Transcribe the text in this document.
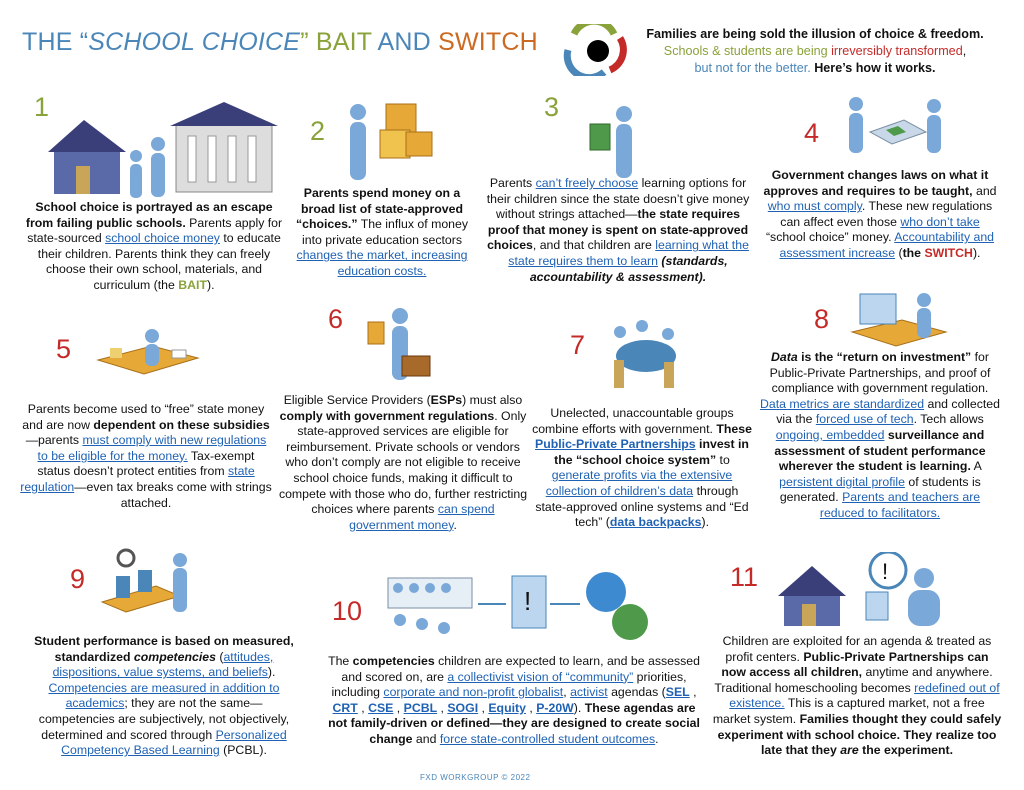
THE “SCHOOL CHOICE” BAIT AND SWITCH	Families are being sold the illusion of choice & freedom.
Schools & students are being irreversibly transformed,
but not for the better. Here’s how it works.
1
2
3
4
5
6
7
8
9
10
11
!
!
School choice is portrayed as an escape from failing public schools. Parents apply for state-sourced school choice money to educate their children. Parents think they can freely choose their own school, materials, and curriculum (the BAIT).
Parents spend money on a broad list of state-approved “choices.” The influx of money into private education sectors changes the market, increasing education costs.
Parents can’t freely choose learning options for their children since the state doesn’t give money without strings attached—the state requires proof that money is spent on state-approved choices, and that children are learning what the state requires them to learn (standards, accountability & assessment).
Government changes laws on what it approves and requires to be taught, and who must comply. These new regulations can affect even those who don’t take “school choice” money. Accountability and assessment increase (the SWITCH).
Parents become used to “free” state money and are now dependent on these subsidies—parents must comply with new regulations to be eligible for the money. Tax-exempt status doesn’t protect entities from state regulation—even tax breaks come with strings attached.
Eligible Service Providers (ESPs) must also comply with government regulations. Only state-approved services are eligible for reimbursement. Private schools or vendors who don’t comply are not eligible to receive school choice funds, making it difficult to compete with those who do, further restricting choices where parents can spend government money.
Unelected, unaccountable groups combine efforts with government. These Public-Private Partnerships invest in the “school choice system” to generate profits via the extensive collection of children’s data through state-approved online systems and “Ed tech” (data backpacks).
Data is the “return on investment” for Public-Private Partnerships, and proof of compliance with government regulation. Data metrics are standardized and collected via the forced use of tech. Tech allows ongoing, embedded surveillance and assessment of student performance wherever the student is learning. A persistent digital profile of students is generated. Parents and teachers are reduced to facilitators.
Student performance is based on measured, standardized competencies (attitudes, dispositions, value systems, and beliefs). Competencies are measured in addition to academics; they are not the same—competencies are subjectively, not objectively, determined and scored through Personalized Competency Based Learning (PCBL).
The competencies children are expected to learn, and be assessed and scored on, are a collectivist vision of “community” priorities, including corporate and non-profit globalist, activist agendas (SEL , CRT , CSE , PCBL , SOGI , Equity , P-20W). These agendas are not family-driven or defined—they are designed to create social change and force state-controlled student outcomes.
Children are exploited for an agenda & treated as profit centers. Public-Private Partnerships can now access all children, anytime and anywhere. Traditional homeschooling becomes redefined out of existence. This is a captured market, not a free market system. Families thought they could safely experiment with school choice. They realize too late that they are the experiment.
FXD WORKGROUP © 2022
